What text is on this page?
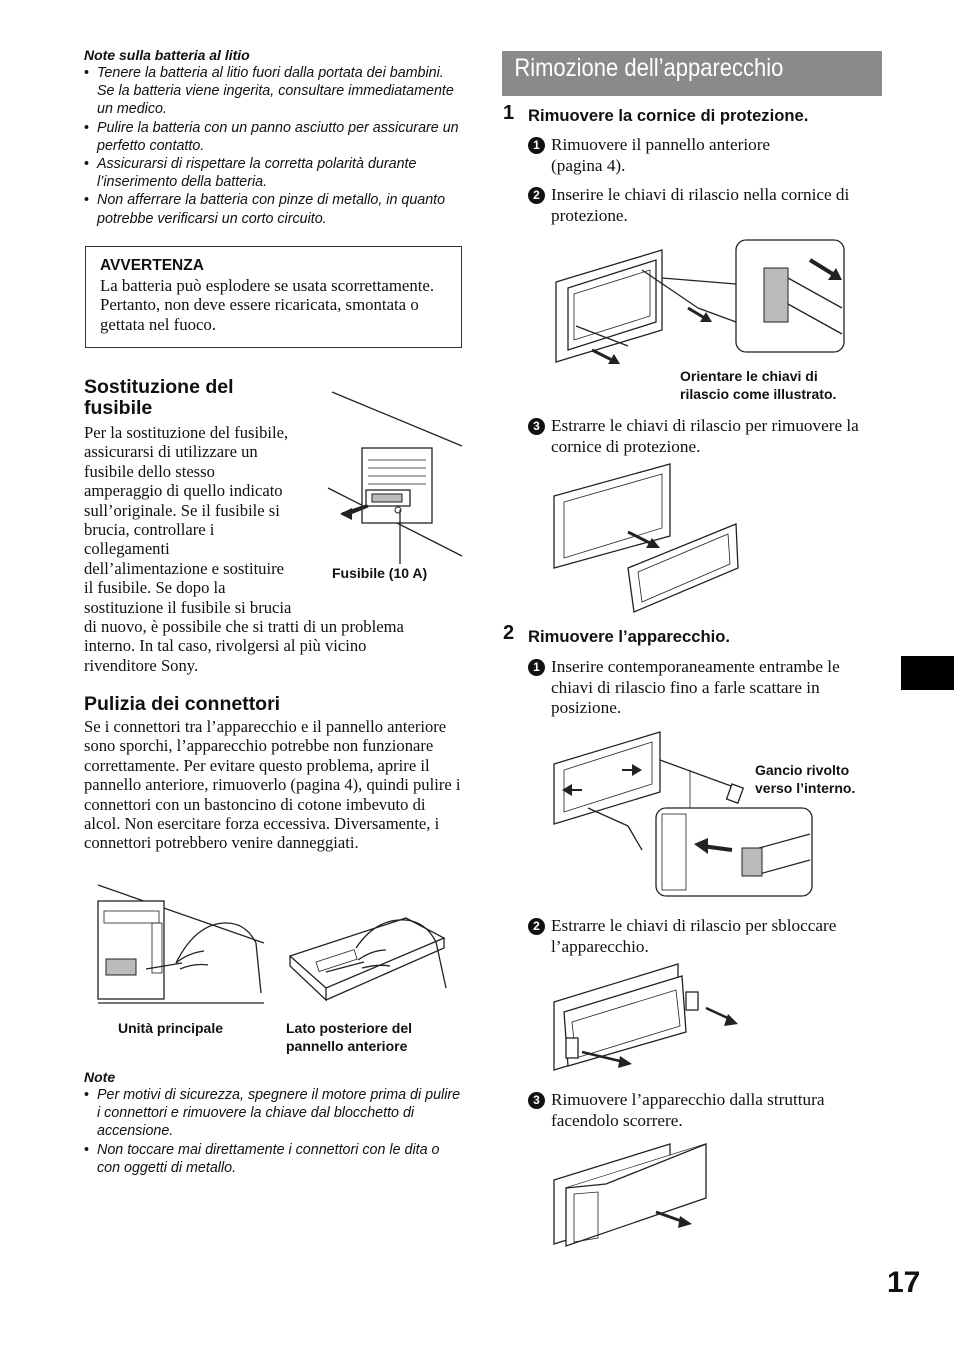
Note sulla batteria al litio
• Tenere la batteria al litio fuori dalla portata dei bambini. Se la batteria viene ingerita, consultare immediatamente un medico.
• Pulire la batteria con un panno asciutto per assicurare un perfetto contatto.
• Assicurarsi di rispettare la corretta polarità durante l’inserimento della batteria.
• Non afferrare la batteria con pinze di metallo, in quanto potrebbe verificarsi un corto circuito.
AVVERTENZA
La batteria può esplodere se usata scorrettamente. Pertanto, non deve essere ricaricata, smontata o gettata nel fuoco.
Sostituzione del
fusibile
Per la sostituzione del fusibile,
assicurarsi di utilizzare un
fusibile dello stesso
amperaggio di quello indicato
sull’originale. Se il fusibile si
brucia, controllare i
collegamenti
dell’alimentazione e sostituire
il fusibile. Se dopo la
sostituzione il fusibile si brucia
di nuovo, è possibile che si tratti di un problema
interno. In tal caso, rivolgersi al più vicino
rivenditore Sony.
Fusibile (10 A)
Pulizia dei connettori
Se i connettori tra l’apparecchio e il pannello anteriore sono sporchi, l’apparecchio potrebbe non funzionare correttamente. Per evitare questo problema, aprire il pannello anteriore, rimuoverlo (pagina 4), quindi pulire i connettori con un bastoncino di cotone imbevuto di alcol. Non esercitare forza eccessiva. Diversamente, i connettori potrebbero venire danneggiati.
Unità principale	Lato posteriore del
pannello anteriore
Note
• Per motivi di sicurezza, spegnere il motore prima di pulire i connettori e rimuovere la chiave dal blocchetto di accensione.
• Non toccare mai direttamente i connettori con le dita o con oggetti di metallo.
Rimozione dell’apparecchio
1 Rimuovere la cornice di protezione.
1 Rimuovere il pannello anteriore (pagina 4).
2 Inserire le chiavi di rilascio nella cornice di protezione.
Orientare le chiavi di
rilascio come illustrato.
3 Estrarre le chiavi di rilascio per rimuovere la cornice di protezione.
2 Rimuovere l’apparecchio.
1 Inserire contemporaneamente entrambe le chiavi di rilascio fino a farle scattare in posizione.
Gancio rivolto
verso l’interno.
2 Estrarre le chiavi di rilascio per sbloccare l’apparecchio.
3 Rimuovere l’apparecchio dalla struttura facendolo scorrere.
17
